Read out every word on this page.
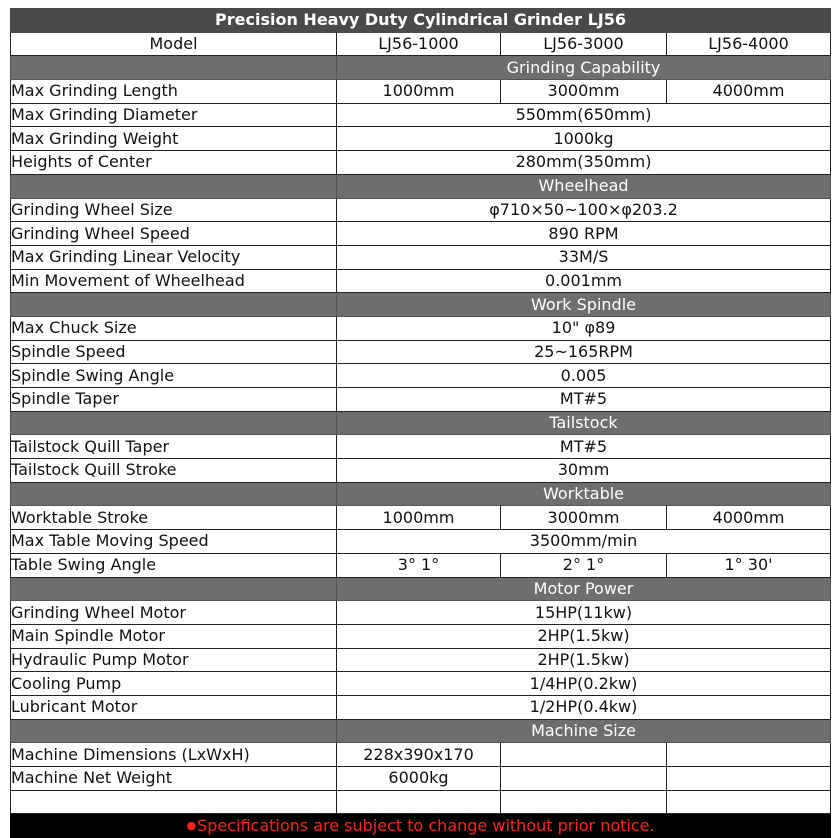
Precision Heavy Duty Cylindrical Grinder LJ56			
Model	LJ56-1000	LJ56-3000	LJ56-4000
	Grinding Capability		
Max Grinding Length	1000mm	3000mm	4000mm
Max Grinding Diameter	550mm(650mm)		
Max Grinding Weight	1000kg		
Heights of Center	280mm(350mm)		
	Wheelhead		
Grinding Wheel Size	φ710×50~100×φ203.2		
Grinding Wheel Speed	890 RPM		
Max Grinding Linear Velocity	33M/S		
Min Movement of Wheelhead	0.001mm		
	Work Spindle		
Max Chuck Size	10" φ89		
Spindle Speed	25~165RPM		
Spindle Swing Angle	0.005		
Spindle Taper	MT#5		
	Tailstock		
Tailstock Quill Taper	MT#5		
Tailstock Quill Stroke	30mm		
	Worktable		
Worktable Stroke	1000mm	3000mm	4000mm
Max Table Moving Speed	3500mm/min		
Table Swing Angle	3° 1°	2° 1°	1° 30'
	Motor Power		
Grinding Wheel Motor	15HP(11kw)		
Main Spindle Motor	2HP(1.5kw)		
Hydraulic Pump Motor	2HP(1.5kw)		
Cooling Pump	1/4HP(0.2kw)		
Lubricant Motor	1/2HP(0.4kw)		
	Machine Size		
Machine Dimensions (LxWxH)	228x390x170		
Machine Net Weight	6000kg		

●Specifications are subject to change without prior notice.			
